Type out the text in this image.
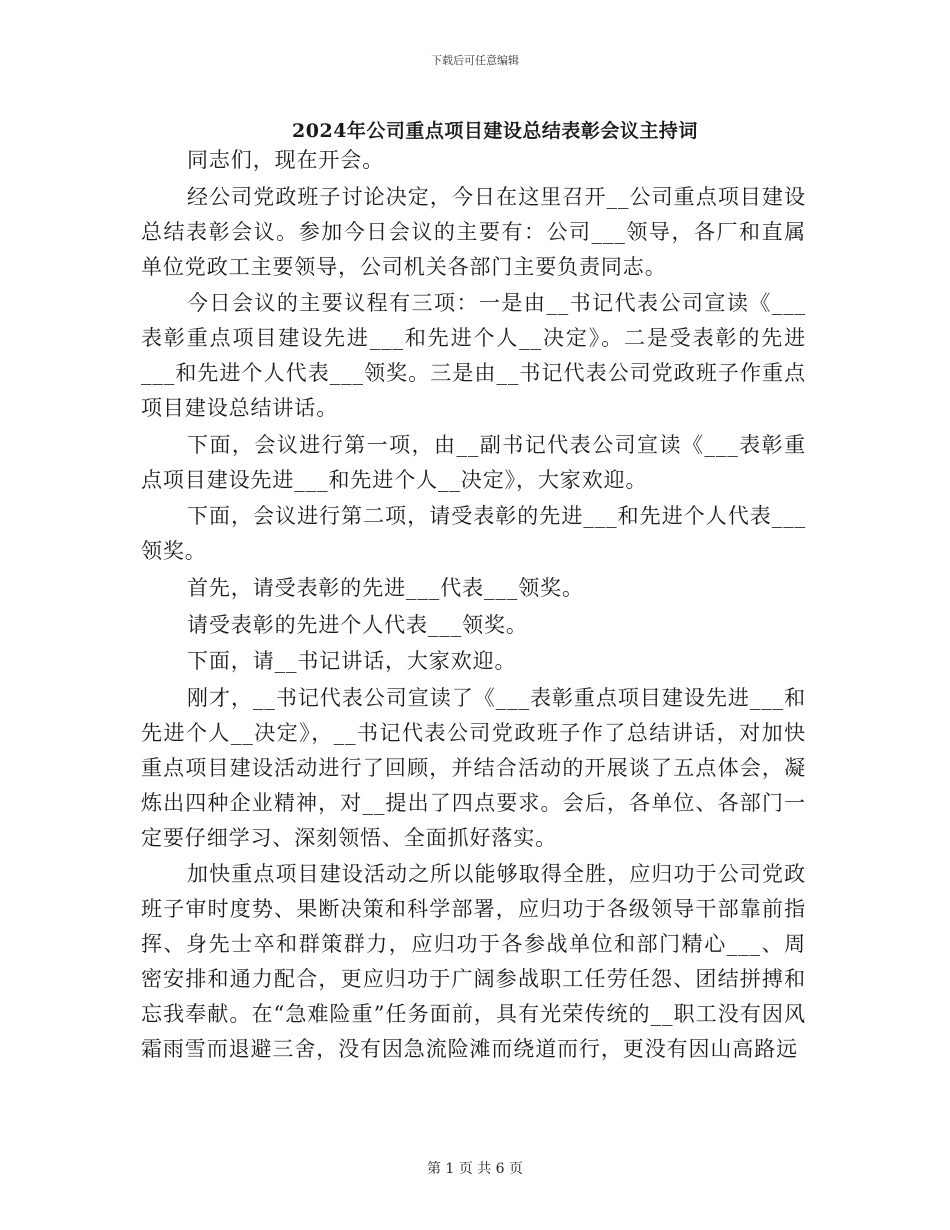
下载后可任意编辑
2024年公司重点项目建设总结表彰会议主持词

同志们，现在开会。

经公司党政班子讨论决定，今日在这里召开__公司重点项目建设总结表彰会议。参加今日会议的主要有：公司___领导，各厂和直属单位党政工主要领导，公司机关各部门主要负责同志。

今日会议的主要议程有三项：一是由__书记代表公司宣读《___表彰重点项目建设先进___和先进个人__决定》。二是受表彰的先进___和先进个人代表___领奖。三是由__书记代表公司党政班子作重点项目建设总结讲话。

下面，会议进行第一项，由__副书记代表公司宣读《___表彰重点项目建设先进___和先进个人__决定》，大家欢迎。

下面，会议进行第二项，请受表彰的先进___和先进个人代表___领奖。

首先，请受表彰的先进___代表___领奖。

请受表彰的先进个人代表___领奖。

下面，请__书记讲话，大家欢迎。

刚才，__书记代表公司宣读了《___表彰重点项目建设先进___和先进个人__决定》，__书记代表公司党政班子作了总结讲话，对加快重点项目建设活动进行了回顾，并结合活动的开展谈了五点体会，凝炼出四种企业精神，对__提出了四点要求。会后，各单位、各部门一定要仔细学习、深刻领悟、全面抓好落实。

加快重点项目建设活动之所以能够取得全胜，应归功于公司党政班子审时度势、果断决策和科学部署，应归功于各级领导干部靠前指挥、身先士卒和群策群力，应归功于各参战单位和部门精心___、周密安排和通力配合，更应归功于广阔参战职工任劳任怨、团结拼搏和忘我奉献。在“急难险重”任务面前，具有光荣传统的__职工没有因风霜雨雪而退避三舍，没有因急流险滩而绕道而行，更没有因山高路远

第 1 页 共 6 页
